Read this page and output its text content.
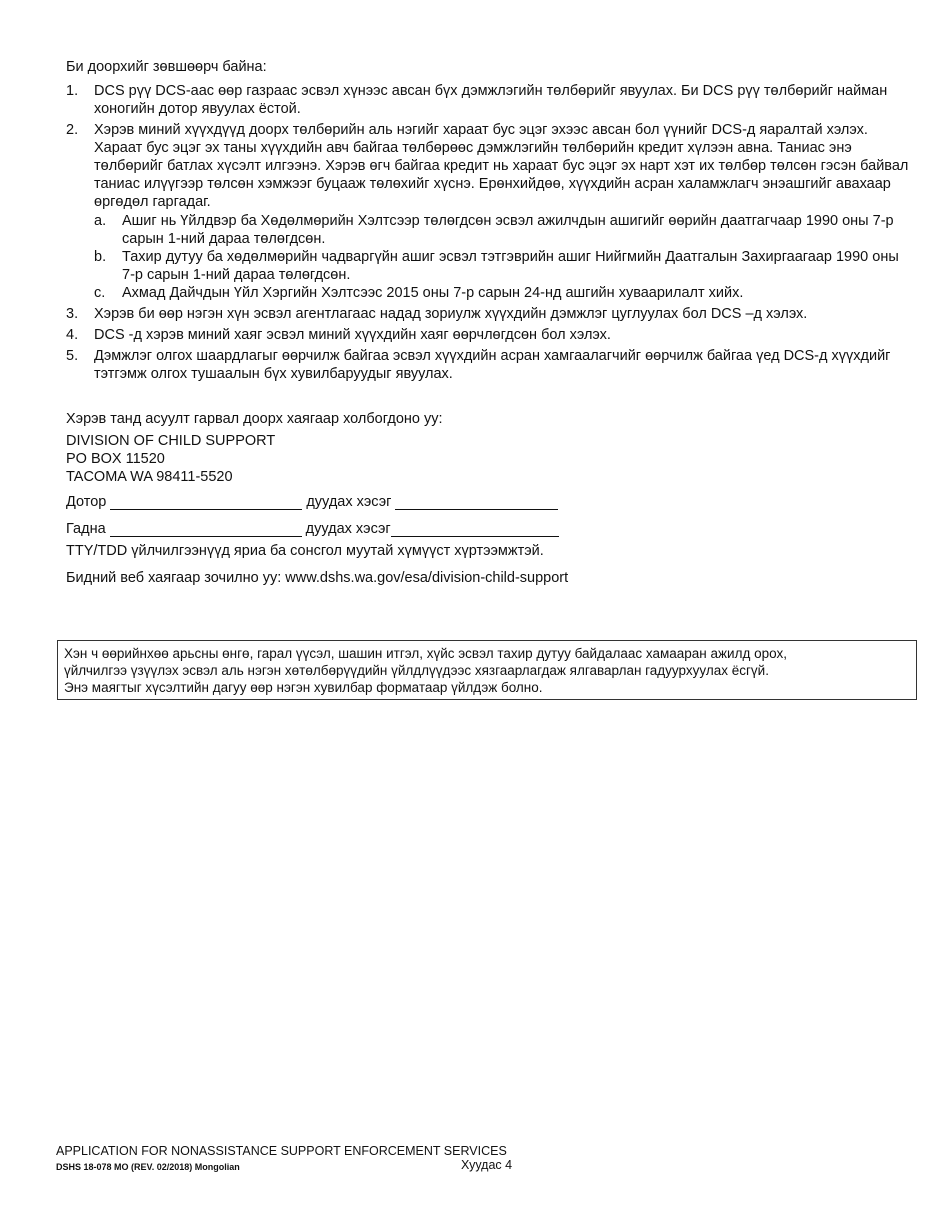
Би доорхийг зөвшөөрч байна:
1. DCS рүү DCS-аас өөр газраас эсвэл хүнээс авсан бүх дэмжлэгийн төлбөрийг явуулах. Би DCS рүү төлбөрийг найман хоногийн дотор явуулах ёстой.
2. Хэрэв миний хүүхдүүд доорх төлбөрийн аль нэгийг хараат бус эцэг эхээс авсан бол үүнийг DCS-д яаралтай хэлэх. Хараат бус эцэг эх таны хүүхдийн авч байгаа төлбөрөөс дэмжлэгийн төлбөрийн кредит хүлээн авна. Таниас энэ төлбөрийг батлах хүсэлт илгээнэ. Хэрэв өгч байгаа кредит нь хараат бус эцэг эх нарт хэт их төлбөр төлсөн гэсэн байвал таниас илүүгээр төлсөн хэмжээг буцааж төлөхийг хүснэ. Ерөнхийдөө, хүүхдийн асран халамжлагч энэашгийг авахаар өргөдөл гаргадаг.
a. Ашиг нь Үйлдвэр ба Хөдөлмөрийн Хэлтсээр төлөгдсөн эсвэл ажилчдын ашигийг өөрийн даатгагчаар 1990 оны 7-р сарын 1-ний дараа төлөгдсөн.
b. Тахир дутуу ба хөдөлмөрийн чадваргүйн ашиг эсвэл тэтгэврийн ашиг Нийгмийн Даатгалын Захиргаагаар 1990 оны 7-р сарын 1-ний дараа төлөгдсөн.
c. Ахмад Дайчдын Үйл Хэргийн Хэлтсээс 2015 оны 7-р сарын 24-нд ашгийн хуваарилалт хийх.
3. Хэрэв би өөр нэгэн хүн эсвэл агентлагаас надад зориулж хүүхдийн дэмжлэг цуглуулах бол DCS –д хэлэх.
4. DCS -д хэрэв миний хаяг эсвэл миний хүүхдийн хаяг өөрчлөгдсөн бол хэлэх.
5. Дэмжлэг олгох шаардлагыг өөрчилж байгаа эсвэл хүүхдийн асран хамгаалагчийг өөрчилж байгаа үед DCS-д хүүхдийг тэтгэмж олгох тушаалын бүх хувилбаруудыг явуулах.
Хэрэв танд асуулт гарвал доорх хаягаар холбогдоно уу:
DIVISION OF CHILD SUPPORT
PO BOX 11520
TACOMA WA 98411-5520
Дотор	дуудах хэсэг
Гадна	дуудах хэсэг
TTY/TDD үйлчилгээнүүд яриа ба сонсгол муутай хүмүүст хүртээмжтэй.
Бидний веб хаягаар зочилно уу: www.dshs.wa.gov/esa/division-child-support
Хэн ч өөрийнхөө арьсны өнгө, гарал үүсэл, шашин итгэл, хүйс эсвэл тахир дутуу байдалаас хамааран ажилд орох,
үйлчилгээ үзүүлэх эсвэл аль нэгэн хөтөлбөрүүдийн үйлдлүүдээс хязгаарлагдаж ялгаварлан гадуурхуулах ёсгүй.
Энэ маягтыг хүсэлтийн дагуу өөр нэгэн хувилбар форматаар үйлдэж болно.
APPLICATION FOR NONASSISTANCE SUPPORT ENFORCEMENT SERVICES
DSHS 18-078 MO (REV. 02/2018) Mongolian	Хуудас 4
